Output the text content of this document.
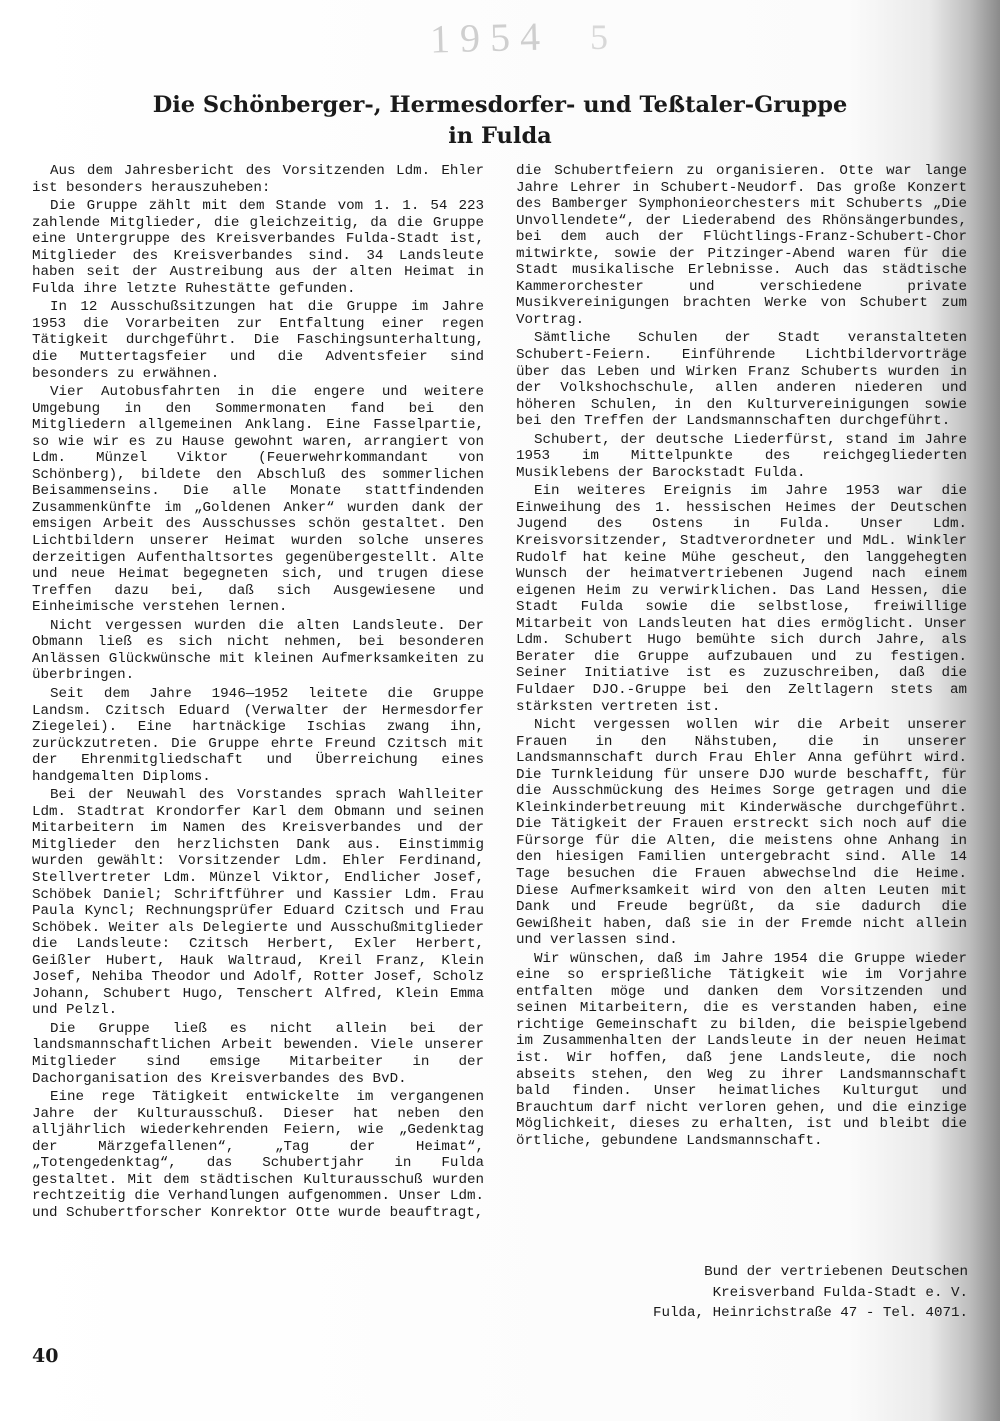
1954 5
Die Schönberger-, Hermesdorfer- und Teßtaler-Gruppe
in Fulda

Aus dem Jahresbericht des Vorsitzenden Ldm. Ehler ist besonders herauszuheben:

Die Gruppe zählt mit dem Stande vom 1. 1. 54 223 zahlende Mitglieder, die gleichzeitig, da die Gruppe eine Untergruppe des Kreisverbandes Fulda-Stadt ist, Mitglieder des Kreisverbandes sind. 34 Landsleute haben seit der Austreibung aus der alten Heimat in Fulda ihre letzte Ruhestätte gefunden.

In 12 Ausschußsitzungen hat die Gruppe im Jahre 1953 die Vorarbeiten zur Entfaltung einer regen Tätigkeit durchgeführt. Die Faschingsunterhaltung, die Muttertagsfeier und die Adventsfeier sind besonders zu erwähnen.

Vier Autobusfahrten in die engere und weitere Umgebung in den Sommermonaten fand bei den Mitgliedern allgemeinen Anklang. Eine Fasselpartie, so wie wir es zu Hause gewohnt waren, arrangiert von Ldm. Münzel Viktor (Feuerwehrkommandant von Schönberg), bildete den Abschluß des sommerlichen Beisammenseins. Die alle Monate stattfindenden Zusammenkünfte im „Goldenen Anker“ wurden dank der emsigen Arbeit des Ausschusses schön gestaltet. Den Lichtbildern unserer Heimat wurden solche unseres derzeitigen Aufenthaltsortes gegenübergestellt. Alte und neue Heimat begegneten sich, und trugen diese Treffen dazu bei, daß sich Ausgewiesene und Einheimische verstehen lernen.

Nicht vergessen wurden die alten Landsleute. Der Obmann ließ es sich nicht nehmen, bei besonderen Anlässen Glückwünsche mit kleinen Aufmerksamkeiten zu überbringen.

Seit dem Jahre 1946—1952 leitete die Gruppe Landsm. Czitsch Eduard (Verwalter der Hermesdorfer Ziegelei). Eine hartnäckige Ischias zwang ihn, zurückzutreten. Die Gruppe ehrte Freund Czitsch mit der Ehrenmitgliedschaft und Überreichung eines handgemalten Diploms.

Bei der Neuwahl des Vorstandes sprach Wahlleiter Ldm. Stadtrat Krondorfer Karl dem Obmann und seinen Mitarbeitern im Namen des Kreisverbandes und der Mitglieder den herzlichsten Dank aus. Einstimmig wurden gewählt: Vorsitzender Ldm. Ehler Ferdinand, Stellvertreter Ldm. Münzel Viktor, Endlicher Josef, Schöbek Daniel; Schriftführer und Kassier Ldm. Frau Paula Kyncl; Rechnungsprüfer Eduard Czitsch und Frau Schöbek. Weiter als Delegierte und Ausschußmitglieder die Landsleute: Czitsch Herbert, Exler Herbert, Geißler Hubert, Hauk Waltraud, Kreil Franz, Klein Josef, Nehiba Theodor und Adolf, Rotter Josef, Scholz Johann, Schubert Hugo, Tenschert Alfred, Klein Emma und Pelzl.

Die Gruppe ließ es nicht allein bei der landsmannschaftlichen Arbeit bewenden. Viele unserer Mitglieder sind emsige Mitarbeiter in der Dachorganisation des Kreisverbandes des BvD.

Eine rege Tätigkeit entwickelte im vergangenen Jahre der Kulturausschuß. Dieser hat neben den alljährlich wiederkehrenden Feiern, wie „Gedenktag der Märzgefallenen“, „Tag der Heimat“, „Totengedenktag“, das Schubertjahr in Fulda gestaltet. Mit dem städtischen Kulturausschuß wurden rechtzeitig die Verhandlungen aufgenommen. Unser Ldm. und Schubertforscher Konrektor Otte wurde beauftragt,

die Schubertfeiern zu organisieren. Otte war lange Jahre Lehrer in Schubert-Neudorf. Das große Konzert des Bamberger Symphonieorchesters mit Schuberts „Die Unvollendete“, der Liederabend des Rhönsängerbundes, bei dem auch der Flüchtlings-Franz-Schubert-Chor mitwirkte, sowie der Pitzinger-Abend waren für die Stadt musikalische Erlebnisse. Auch das städtische Kammerorchester und verschiedene private Musikvereinigungen brachten Werke von Schubert zum Vortrag.

Sämtliche Schulen der Stadt veranstalteten Schubert-Feiern. Einführende Lichtbildervorträge über das Leben und Wirken Franz Schuberts wurden in der Volkshochschule, allen anderen niederen und höheren Schulen, in den Kulturvereinigungen sowie bei den Treffen der Landsmannschaften durchgeführt.

Schubert, der deutsche Liederfürst, stand im Jahre 1953 im Mittelpunkte des reichgegliederten Musiklebens der Barockstadt Fulda.

Ein weiteres Ereignis im Jahre 1953 war die Einweihung des 1. hessischen Heimes der Deutschen Jugend des Ostens in Fulda. Unser Ldm. Kreisvorsitzender, Stadtverordneter und MdL. Winkler Rudolf hat keine Mühe gescheut, den langgehegten Wunsch der heimatvertriebenen Jugend nach einem eigenen Heim zu verwirklichen. Das Land Hessen, die Stadt Fulda sowie die selbstlose, freiwillige Mitarbeit von Landsleuten hat dies ermöglicht. Unser Ldm. Schubert Hugo bemühte sich durch Jahre, als Berater die Gruppe aufzubauen und zu festigen. Seiner Initiative ist es zuzuschreiben, daß die Fuldaer DJO.-Gruppe bei den Zeltlagern stets am stärksten vertreten ist.

Nicht vergessen wollen wir die Arbeit unserer Frauen in den Nähstuben, die in unserer Landsmannschaft durch Frau Ehler Anna geführt wird. Die Turnkleidung für unsere DJO wurde beschafft, für die Ausschmückung des Heimes Sorge getragen und die Kleinkinderbetreuung mit Kinderwäsche durchgeführt. Die Tätigkeit der Frauen erstreckt sich noch auf die Fürsorge für die Alten, die meistens ohne Anhang in den hiesigen Familien untergebracht sind. Alle 14 Tage besuchen die Frauen abwechselnd die Heime. Diese Aufmerksamkeit wird von den alten Leuten mit Dank und Freude begrüßt, da sie dadurch die Gewißheit haben, daß sie in der Fremde nicht allein und verlassen sind.

Wir wünschen, daß im Jahre 1954 die Gruppe wieder eine so ersprießliche Tätigkeit wie im Vorjahre entfalten möge und danken dem Vorsitzenden und seinen Mitarbeitern, die es verstanden haben, eine richtige Gemeinschaft zu bilden, die beispielgebend im Zusammenhalten der Landsleute in der neuen Heimat ist. Wir hoffen, daß jene Landsleute, die noch abseits stehen, den Weg zu ihrer Landsmannschaft bald finden. Unser heimatliches Kulturgut und Brauchtum darf nicht verloren gehen, und die einzige Möglichkeit, dieses zu erhalten, ist und bleibt die örtliche, gebundene Landsmannschaft.

Bund der vertriebenen Deutschen
Kreisverband Fulda-Stadt e. V.
Fulda, Heinrichstraße 47 - Tel. 4071.
40
